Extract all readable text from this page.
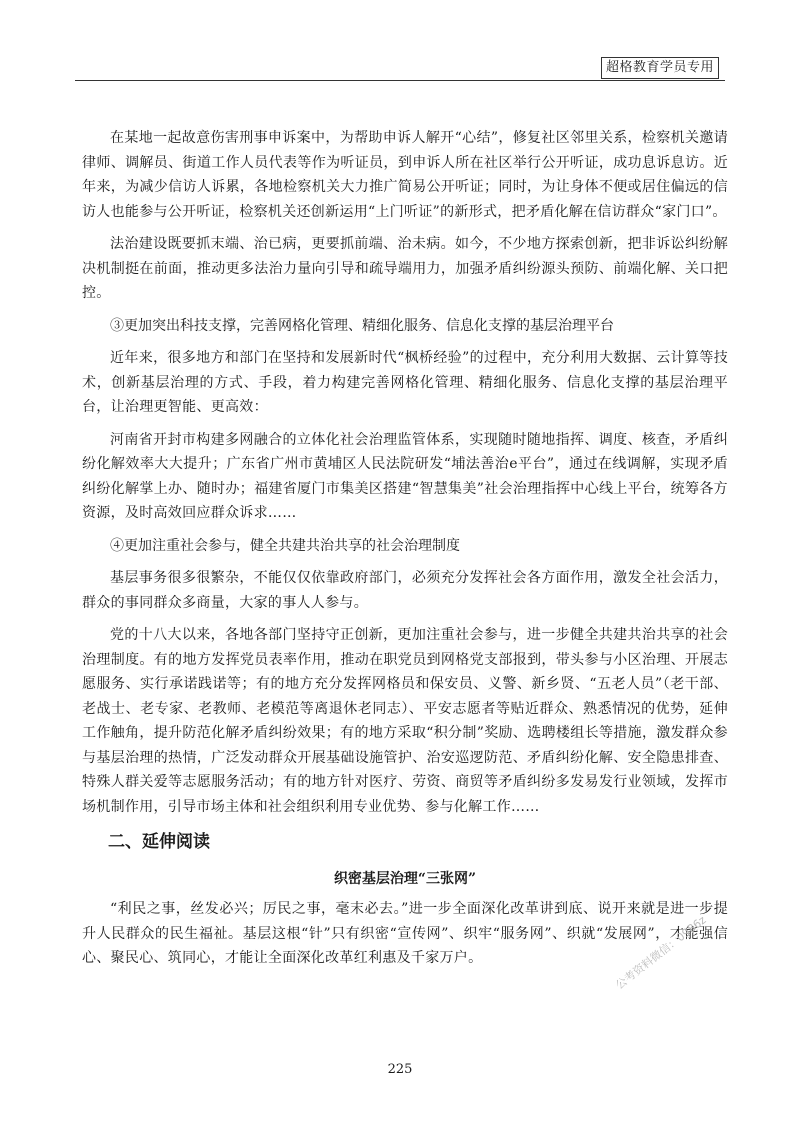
超格教育学员专用

在某地一起故意伤害刑事申诉案中，为帮助申诉人解开“心结”，修复社区邻里关系，检察机关邀请律师、调解员、街道工作人员代表等作为听证员，到申诉人所在社区举行公开听证，成功息诉息访。近年来，为减少信访人诉累，各地检察机关大力推广简易公开听证；同时，为让身体不便或居住偏远的信访人也能参与公开听证，检察机关还创新运用“上门听证”的新形式，把矛盾化解在信访群众“家门口”。

法治建设既要抓末端、治已病，更要抓前端、治未病。如今，不少地方探索创新，把非诉讼纠纷解决机制挺在前面，推动更多法治力量向引导和疏导端用力，加强矛盾纠纷源头预防、前端化解、关口把控。

③更加突出科技支撑，完善网格化管理、精细化服务、信息化支撑的基层治理平台

近年来，很多地方和部门在坚持和发展新时代“枫桥经验”的过程中，充分利用大数据、云计算等技术，创新基层治理的方式、手段，着力构建完善网格化管理、精细化服务、信息化支撑的基层治理平台，让治理更智能、更高效：

河南省开封市构建多网融合的立体化社会治理监管体系，实现随时随地指挥、调度、核查，矛盾纠纷化解效率大大提升；广东省广州市黄埔区人民法院研发“埔法善治e平台”，通过在线调解，实现矛盾纠纷化解掌上办、随时办；福建省厦门市集美区搭建“智慧集美”社会治理指挥中心线上平台，统筹各方资源，及时高效回应群众诉求……

④更加注重社会参与，健全共建共治共享的社会治理制度

基层事务很多很繁杂，不能仅仅依靠政府部门，必须充分发挥社会各方面作用，激发全社会活力，群众的事同群众多商量，大家的事人人参与。

党的十八大以来，各地各部门坚持守正创新，更加注重社会参与，进一步健全共建共治共享的社会治理制度。有的地方发挥党员表率作用，推动在职党员到网格党支部报到，带头参与小区治理、开展志愿服务、实行承诺践诺等；有的地方充分发挥网格员和保安员、义警、新乡贤、“五老人员”（老干部、老战士、老专家、老教师、老模范等离退休老同志）、平安志愿者等贴近群众、熟悉情况的优势，延伸工作触角，提升防范化解矛盾纠纷效果；有的地方采取“积分制”奖励、选聘楼组长等措施，激发群众参与基层治理的热情，广泛发动群众开展基础设施管护、治安巡逻防范、矛盾纠纷化解、安全隐患排查、特殊人群关爱等志愿服务活动；有的地方针对医疗、劳资、商贸等矛盾纠纷多发易发行业领域，发挥市场机制作用，引导市场主体和社会组织利用专业优势、参与化解工作……

二、延伸阅读
织密基层治理“三张网”

“利民之事，丝发必兴；厉民之事，毫末必去。”进一步全面深化改革讲到底、说开来就是进一步提升人民群众的民生福祉。基层这根“针”只有织密“宣传网”、织牢“服务网”、织就“发展网”，才能强信心、聚民心、筑同心，才能让全面深化改革红利惠及千家万户。	公考资料微信：0986z
225
